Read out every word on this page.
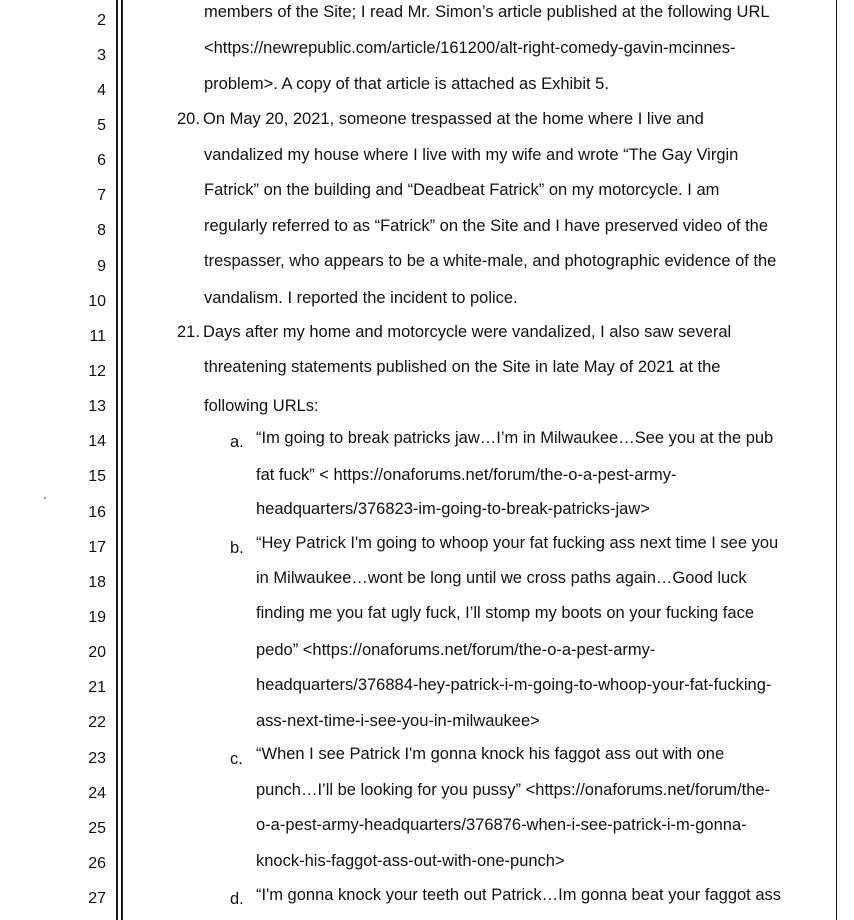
2
3
4
5
6
7
8
9
10
11
12
13
14
15
16
17
18
19
20
21
22
23
24
25
26
27
members of the Site; I read Mr. Simon’s article published at the following URL
<https://newrepublic.com/article/161200/alt-right-comedy-gavin-mcinnes-
problem>. A copy of that article is attached as Exhibit 5.
20. On May 20, 2021, someone trespassed at the home where I live and
vandalized my house where I live with my wife and wrote “The Gay Virgin
Fatrick” on the building and “Deadbeat Fatrick” on my motorcycle. I am
regularly referred to as “Fatrick” on the Site and I have preserved video of the
trespasser, who appears to be a white-male, and photographic evidence of the
vandalism. I reported the incident to police.
21. Days after my home and motorcycle were vandalized, I also saw several
threatening statements published on the Site in late May of 2021 at the
following URLs:
a. “Im going to break patricks jaw…I’m in Milwaukee…See you at the pub
fat fuck” < https://onaforums.net/forum/the-o-a-pest-army-
headquarters/376823-im-going-to-break-patricks-jaw>
b. “Hey Patrick I'm going to whoop your fat fucking ass next time I see you
in Milwaukee…wont be long until we cross paths again…Good luck
finding me you fat ugly fuck, I’ll stomp my boots on your fucking face
pedo” <https://onaforums.net/forum/the-o-a-pest-army-
headquarters/376884-hey-patrick-i-m-going-to-whoop-your-fat-fucking-
ass-next-time-i-see-you-in-milwaukee>
c. “When I see Patrick I'm gonna knock his faggot ass out with one
punch…I’ll be looking for you pussy” <https://onaforums.net/forum/the-
o-a-pest-army-headquarters/376876-when-i-see-patrick-i-m-gonna-
knock-his-faggot-ass-out-with-one-punch>
d. “I'm gonna knock your teeth out Patrick…Im gonna beat your faggot ass
